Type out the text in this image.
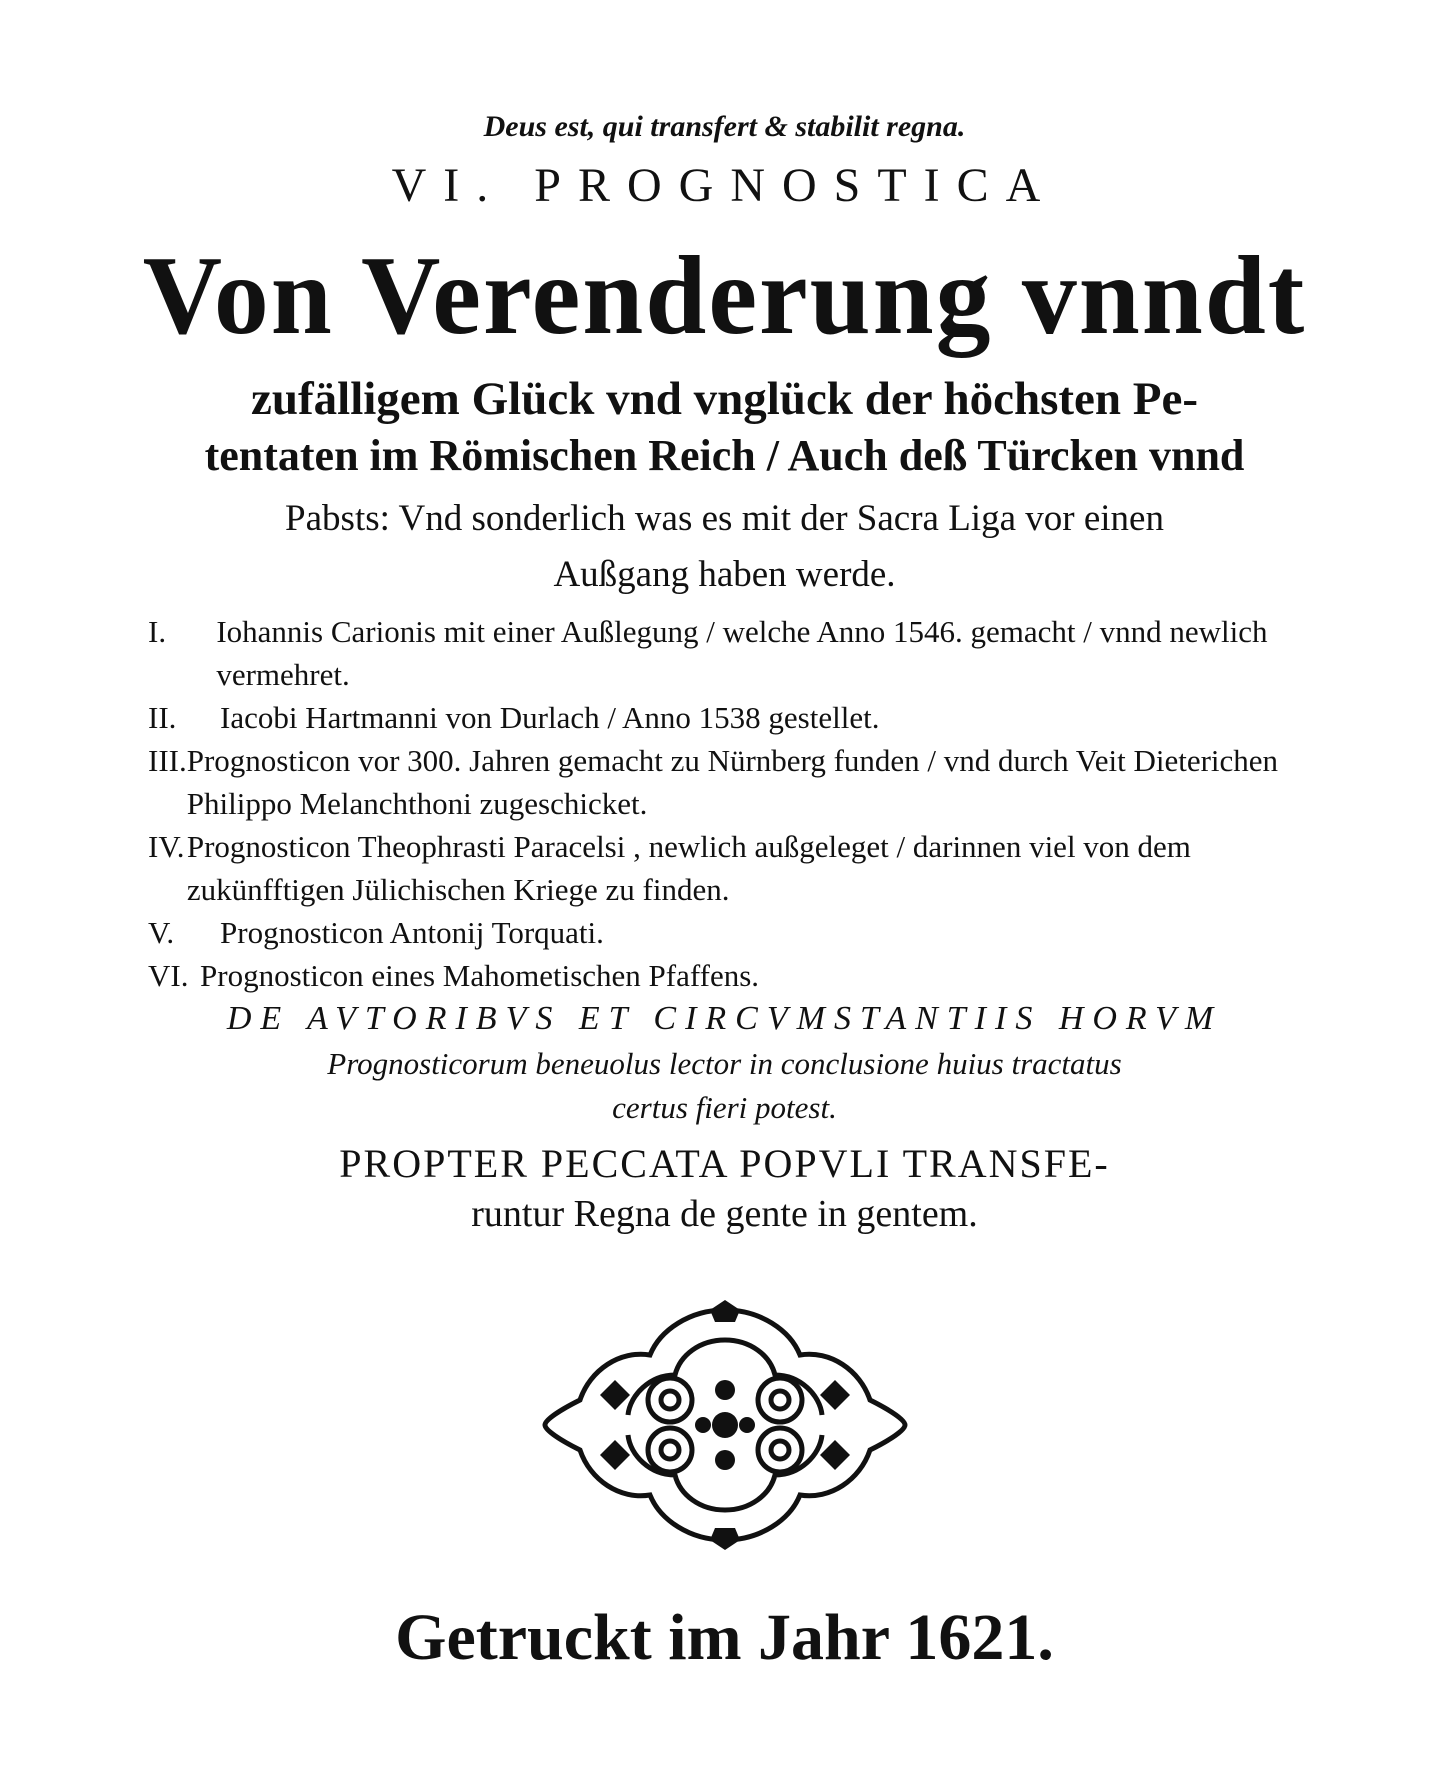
Deus est, qui transfert & stabilit regna.
VI. PROGNOSTICA
Von Verenderung vnndt
zufälligem Glück vnd vnglück der höchsten Pe-
tentaten im Römischen Reich / Auch deß Türcken vnnd
Pabsts: Vnd sonderlich was es mit der Sacra Liga vor einen
Außgang haben werde.
I.	Iohannis Carionis mit einer Außlegung / welche Anno 1546. gemacht / vnnd newlich vermehret.
II.	Iacobi Hartmanni von Durlach / Anno 1538 gestellet.
III. Prognosticon vor 300. Jahren gemacht zu Nürnberg funden / vnd durch Veit Dieterichen Philippo Melanchthoni zugeschicket.
IV. Prognosticon Theophrasti Paracelsi , newlich außgeleget / darinnen viel von dem zukünfftigen Jülichischen Kriege zu finden.
V.	Prognosticon Antonij Torquati.
VI. Prognosticon eines Mahometischen Pfaffens.
DE AVTORIBVS ET CIRCVMSTANTIIS HORVM
Prognosticorum beneuolus lector in conclusione huius tractatus
certus fieri potest.
PROPTER PECCATA POPVLI TRANSFE-
runtur Regna de gente in gentem.
Getruckt im Jahr 1621.
